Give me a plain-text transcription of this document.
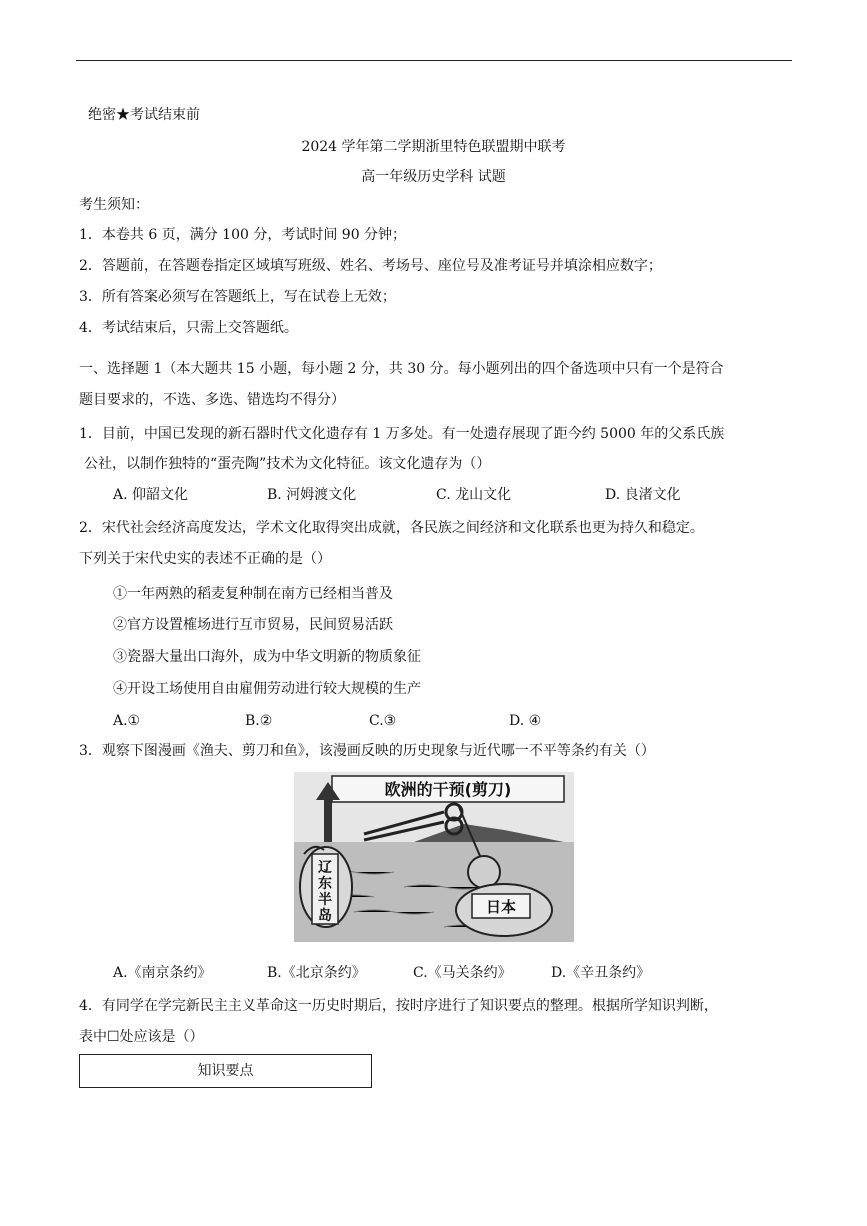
绝密★考试结束前
2024 学年第二学期浙里特色联盟期中联考
高一年级历史学科 试题
考生须知：
1．本卷共 6 页，满分 100 分，考试时间 90 分钟；
2．答题前，在答题卷指定区域填写班级、姓名、考场号、座位号及准考证号并填涂相应数字；
3．所有答案必须写在答题纸上，写在试卷上无效；
4．考试结束后，只需上交答题纸。
一、选择题 1（本大题共 15 小题，每小题 2 分，共 30 分。每小题列出的四个备选项中只有一个是符合
题目要求的，不选、多选、错选均不得分）
1．目前，中国已发现的新石器时代文化遗存有 1 万多处。有一处遗存展现了距今约 5000 年的父系氏族
公社，以制作独特的“蛋壳陶”技术为文化特征。该文化遗存为（）
A. 仰韶文化	B. 河姆渡文化	C. 龙山文化	D. 良渚文化
2．宋代社会经济高度发达，学术文化取得突出成就，各民族之间经济和文化联系也更为持久和稳定。
下列关于宋代史实的表述不正确的是（）
①一年两熟的稻麦复种制在南方已经相当普及
②官方设置榷场进行互市贸易，民间贸易活跃
③瓷器大量出口海外，成为中华文明新的物质象征
④开设工场使用自由雇佣劳动进行较大规模的生产
A.①	B.②	C.③	D. ④
3．观察下图漫画《渔夫、剪刀和鱼》，该漫画反映的历史现象与近代哪一不平等条约有关（）
欧洲的干预(剪刀)
辽 东 半 岛	日本
A.《南京条约》	B.《北京条约》	C.《马关条约》	D.《辛丑条约》
4．有同学在学完新民主主义革命这一历史时期后，按时序进行了知识要点的整理。根据所学知识判断，
表中☐处应该是（）
知识要点
